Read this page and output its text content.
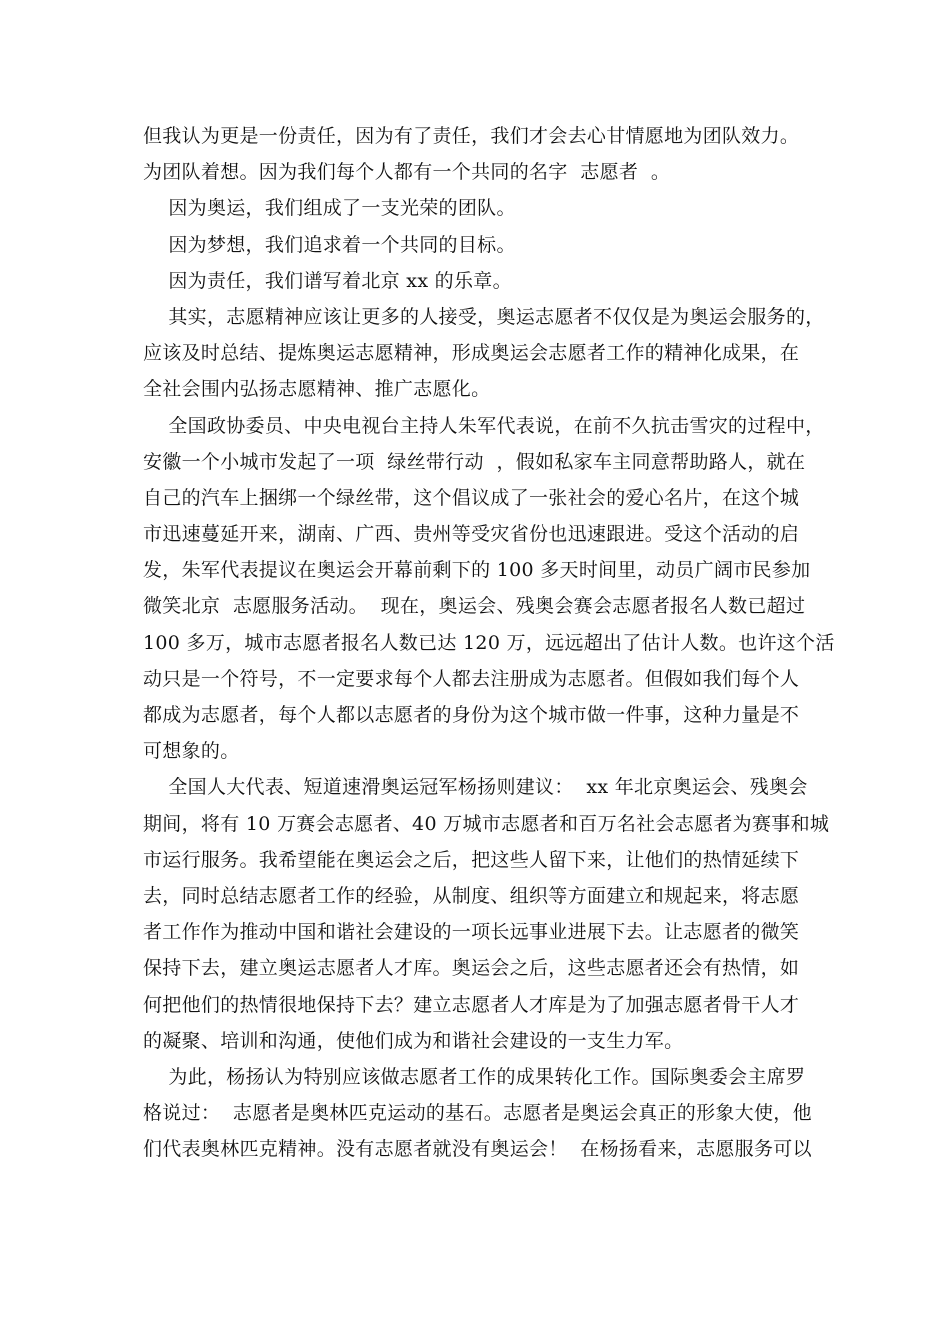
但我认为更是一份责任，因为有了责任，我们才会去心甘情愿地为团队效力。
为团队着想。因为我们每个人都有一个共同的名字  志愿者  。
因为奥运，我们组成了一支光荣的团队。
因为梦想，我们追求着一个共同的目标。
因为责任，我们谱写着北京 xx 的乐章。
其实，志愿精神应该让更多的人接受，奥运志愿者不仅仅是为奥运会服务的，
应该及时总结、提炼奥运志愿精神，形成奥运会志愿者工作的精神化成果，在
全社会围内弘扬志愿精神、推广志愿化。
全国政协委员、中央电视台主持人朱军代表说，在前不久抗击雪灾的过程中，
安徽一个小城市发起了一项  绿丝带行动  ，假如私家车主同意帮助路人，就在
自己的汽车上捆绑一个绿丝带，这个倡议成了一张社会的爱心名片，在这个城
市迅速蔓延开来，湖南、广西、贵州等受灾省份也迅速跟进。受这个活动的启
发，朱军代表提议在奥运会开幕前剩下的 100 多天时间里，动员广阔市民参加
微笑北京  志愿服务活动。  现在，奥运会、残奥会赛会志愿者报名人数已超过
100 多万，城市志愿者报名人数已达 120 万，远远超出了估计人数。也许这个活
动只是一个符号，不一定要求每个人都去注册成为志愿者。但假如我们每个人
都成为志愿者，每个人都以志愿者的身份为这个城市做一件事，这种力量是不
可想象的。
全国人大代表、短道速滑奥运冠军杨扬则建议：  xx 年北京奥运会、残奥会
期间，将有 10 万赛会志愿者、40 万城市志愿者和百万名社会志愿者为赛事和城
市运行服务。我希望能在奥运会之后，把这些人留下来，让他们的热情延续下
去，同时总结志愿者工作的经验，从制度、组织等方面建立和规起来，将志愿
者工作作为推动中国和谐社会建设的一项长远事业进展下去。让志愿者的微笑
保持下去，建立奥运志愿者人才库。奥运会之后，这些志愿者还会有热情，如
何把他们的热情很地保持下去？建立志愿者人才库是为了加强志愿者骨干人才
的凝聚、培训和沟通，使他们成为和谐社会建设的一支生力军。
为此，杨扬认为特别应该做志愿者工作的成果转化工作。国际奥委会主席罗
格说过：  志愿者是奥林匹克运动的基石。志愿者是奥运会真正的形象大使，他
们代表奥林匹克精神。没有志愿者就没有奥运会！  在杨扬看来，志愿服务可以
